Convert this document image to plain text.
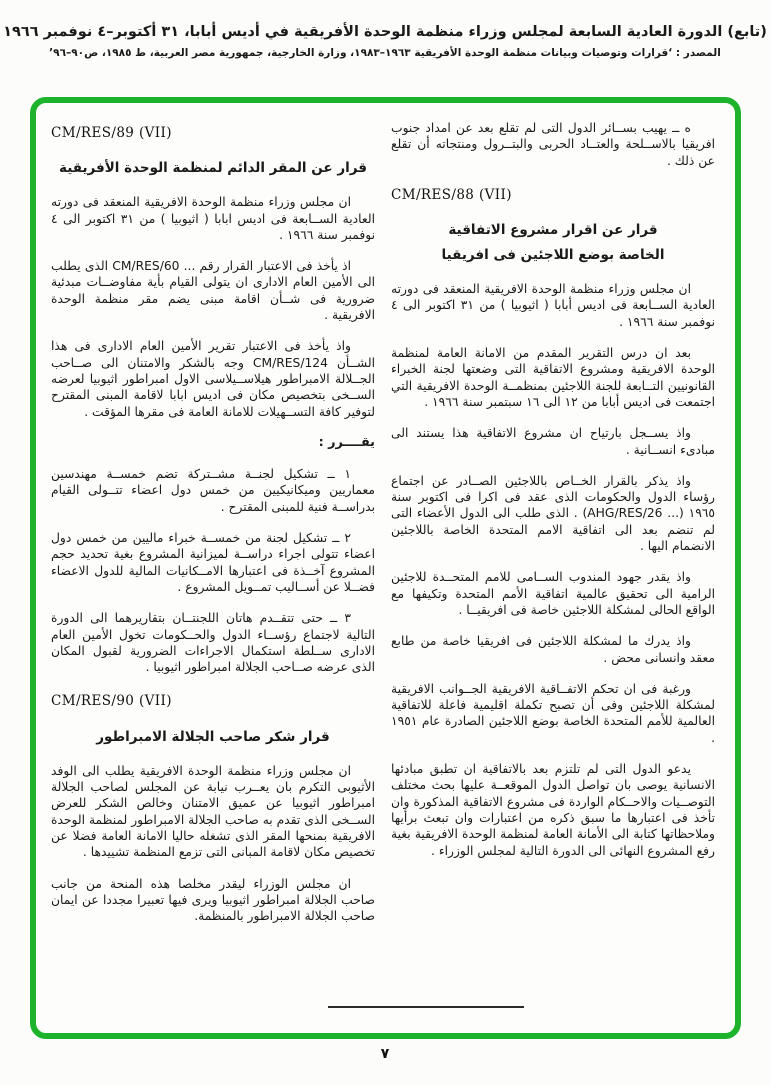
(تابع) الدورة العادية السابعة لمجلس وزراء منظمة الوحدة الأفريقية في أديس أبابا، ٣١ أكتوبر–٤ نوفمبر ١٩٦٦
المصدر : ‘قرارات وتوصيات وبيانات منظمة الوحدة الأفريقية ١٩٦٣–١٩٨٣، وزارة الخارجية، جمهورية مصر العربية، ط ١٩٨٥، ص٩٠–٩٦’

ه ــ يهيب بســائر الدول التى لم تقلع بعد عن امداد جنوب افريقيا بالاســلحة والعتــاد الحربى والبتــرول ومنتجاته أن تقلع عن ذلك .

CM/RES/88 (VII)
قرار عن اقرار مشروع الاتفاقية
الخاصة بوضع اللاجئين فى افريقيا

ان مجلس وزراء منظمة الوحدة الافريقية المنعقد فى دورته العادية الســابعة فى اديس أبابا ( اثيوبيا ) من ٣١ اكتوبر الى ٤ نوفمبر سنة ١٩٦٦ .

بعد ان درس التقرير المقدم من الامانة العامة لمنظمة الوحدة الافريقية ومشروع الاتفاقية التى وضعتها لجنة الخبراء القانونيين التــابعة للجنة اللاجئين بمنظمــة الوحدة الافريقية التي اجتمعت فى اديس أبابا من ١٢ الى ١٦ سبتمبر سنة ١٩٦٦ .

واذ يســجل بارتياح ان مشروع الاتفاقية هذا يستند الى مبادىء انســانية .

واذ يذكر بالقرار الخــاص باللاجئين الصــادر عن اجتماع رؤساء الدول والحكومات الذى عقد فى اكرا فى اكتوبر سنة ١٩٦٥ (... AHG/RES/26) . الذى طلب الى الدول الأعضاء التى لم تنضم بعد الى اتفاقية الامم المتحدة الخاصة باللاجئين الانضمام اليها .

واذ يقدر جهود المندوب الســامى للامم المتحــدة للاجئين الرامية الى تحقيق عالمية اتفاقية الأمم المتحدة وتكيفها مع الواقع الحالى لمشكلة اللاجئين خاصة فى افريقيــا .

واذ يدرك ما لمشكلة اللاجئين فى افريقيا خاصة من طابع معقد وانسانى محض .

ورغبة فى ان تحكم الاتفــاقية الافريقية الجــوانب الافريقية لمشكلة اللاجئين وفى أن تصبح تكملة اقليمية فاعلة للاتفاقية العالمية للأمم المتحدة الخاصة بوضع اللاجئين الصادرة عام ١٩٥١ .

يدعو الدول التى لم تلتزم بعد بالاتفاقية ان تطبق مبادئها الانسانية يوصى بان تواصل الدول الموقعــة عليها بحث مختلف التوصــيات والاحــكام الواردة فى مشروع الاتفاقية المذكورة وان تأخذ فى اعتبارها ما سبق ذكره من اعتبارات وان تبعث برأيها وملاحظاتها كتابة الى الأمانة العامة لمنظمة الوحدة الافريقية بغية رفع المشروع النهائى الى الدورة التالية لمجلس الوزراء .

CM/RES/89 (VII)
قرار عن المقر الدائم لمنظمة الوحدة الأفريقية

ان مجلس وزراء منظمة الوحدة الافريقية المنعقد فى دورته العادية الســابعة فى اديس ابابا ( اثيوبيا ) من ٣١ اكتوبر الى ٤ نوفمبر سنة ١٩٦٦ .

اذ يأخذ فى الاعتبار القرار رقم ... CM/RES/60 الذى يطلب الى الأمين العام الادارى ان يتولى القيام بأية مفاوضــات مبدئية ضرورية فى شــأن اقامة مبنى يضم مقر منظمة الوحدة الافريقية .

واذ يأخذ فى الاعتبار تقرير الأمين العام الادارى فى هذا الشــأن CM/RES/124 وجه بالشكر والامتنان الى صــاحب الجــلالة الامبراطور هيلاســيلاسى الاول امبراطور اثيوبيا لعرضه الســخى بتخصيص مكان فى اديس ابابا لاقامة المبنى المقترح لتوفير كافة التســهيلات للامانة العامة فى مقرها المؤقت .

يقــــرر :

١ ــ تشكيل لجنــة مشــتركة تضم خمســة مهندسين معماريين وميكانيكيين من خمس دول اعضاء تتــولى القيام بدراســة فنية للمبنى المقترح .

٢ ــ تشكيل لجنة من خمســة خبراء ماليين من خمس دول اعضاء تتولى اجراء دراســة لميزانية المشروع بغية تحديد حجم المشروع آخــذة فى اعتبارها الامــكانيات المالية للدول الاعضاء فضــلا عن أســاليب تمــويل المشروع .

٣ ــ حتى تتقــدم هاتان اللجنتــان بتقاريرهما الى الدورة التالية لاجتماع رؤســاء الدول والحــكومات تخول الأمين العام الادارى ســلطة استكمال الاجراءات الضرورية لقبول المكان الذى عرضه صــاحب الجلالة امبراطور اثيوبيا .

CM/RES/90 (VII)
قرار شكر صاحب الجلالة الامبراطور

ان مجلس وزراء منظمة الوحدة الافريقية يطلب الى الوفد الأثيوبى التكرم بان يعــرب نيابة عن المجلس لصاحب الجلالة امبراطور اثيوبيا عن عميق الامتنان وخالص الشكر للعرض الســخى الذى تقدم به صاحب الجلالة الامبراطور لمنظمة الوحدة الافريقية بمنحها المقر الذى تشغله حاليا الامانة العامة فضلا عن تخصيص مكان لاقامة المبانى التى تزمع المنظمة تشييدها .

ان مجلس الوزراء ليقدر مخلصا هذه المنحة من جانب صاحب الجلالة امبراطور اثيوبيا ويرى فيها تعبيرا مجددا عن ايمان صاحب الجلالة الامبراطور بالمنظمة.

٧
